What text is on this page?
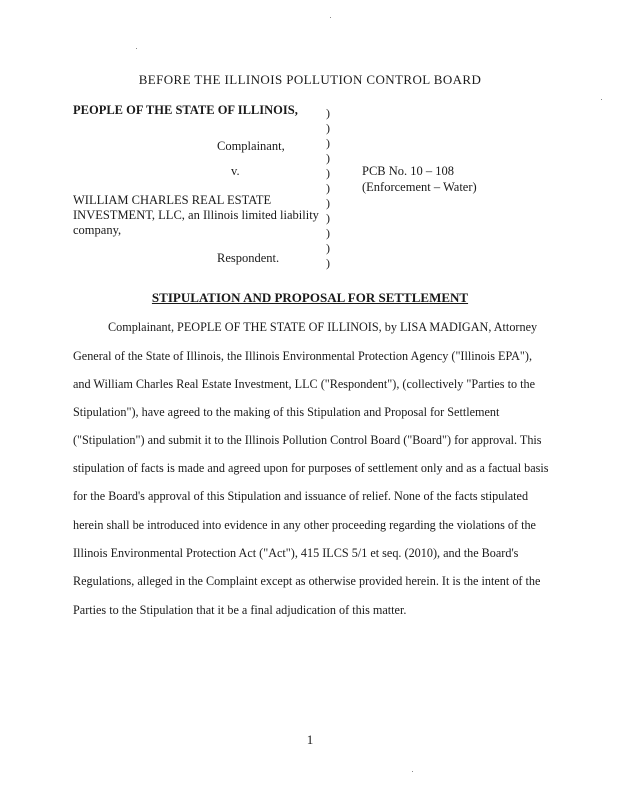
BEFORE THE ILLINOIS POLLUTION CONTROL BOARD
PEOPLE OF THE STATE OF ILLINOIS,
Complainant,
v.
WILLIAM CHARLES REAL ESTATE
INVESTMENT, LLC, an Illinois limited liability
company,
Respondent.
)
)
)
)
)
)
)
)
)
)
)
PCB No. 10 – 108
(Enforcement – Water)
STIPULATION AND PROPOSAL FOR SETTLEMENT
Complainant, PEOPLE OF THE STATE OF ILLINOIS, by LISA MADIGAN, Attorney
General of the State of Illinois, the Illinois Environmental Protection Agency ("Illinois EPA"),
and William Charles Real Estate Investment, LLC ("Respondent"), (collectively "Parties to the
Stipulation"), have agreed to the making of this Stipulation and Proposal for Settlement
("Stipulation") and submit it to the Illinois Pollution Control Board ("Board") for approval. This
stipulation of facts is made and agreed upon for purposes of settlement only and as a factual basis
for the Board's approval of this Stipulation and issuance of relief. None of the facts stipulated
herein shall be introduced into evidence in any other proceeding regarding the violations of the
Illinois Environmental Protection Act ("Act"), 415 ILCS 5/1 et seq. (2010), and the Board's
Regulations, alleged in the Complaint except as otherwise provided herein. It is the intent of the
Parties to the Stipulation that it be a final adjudication of this matter.
1
